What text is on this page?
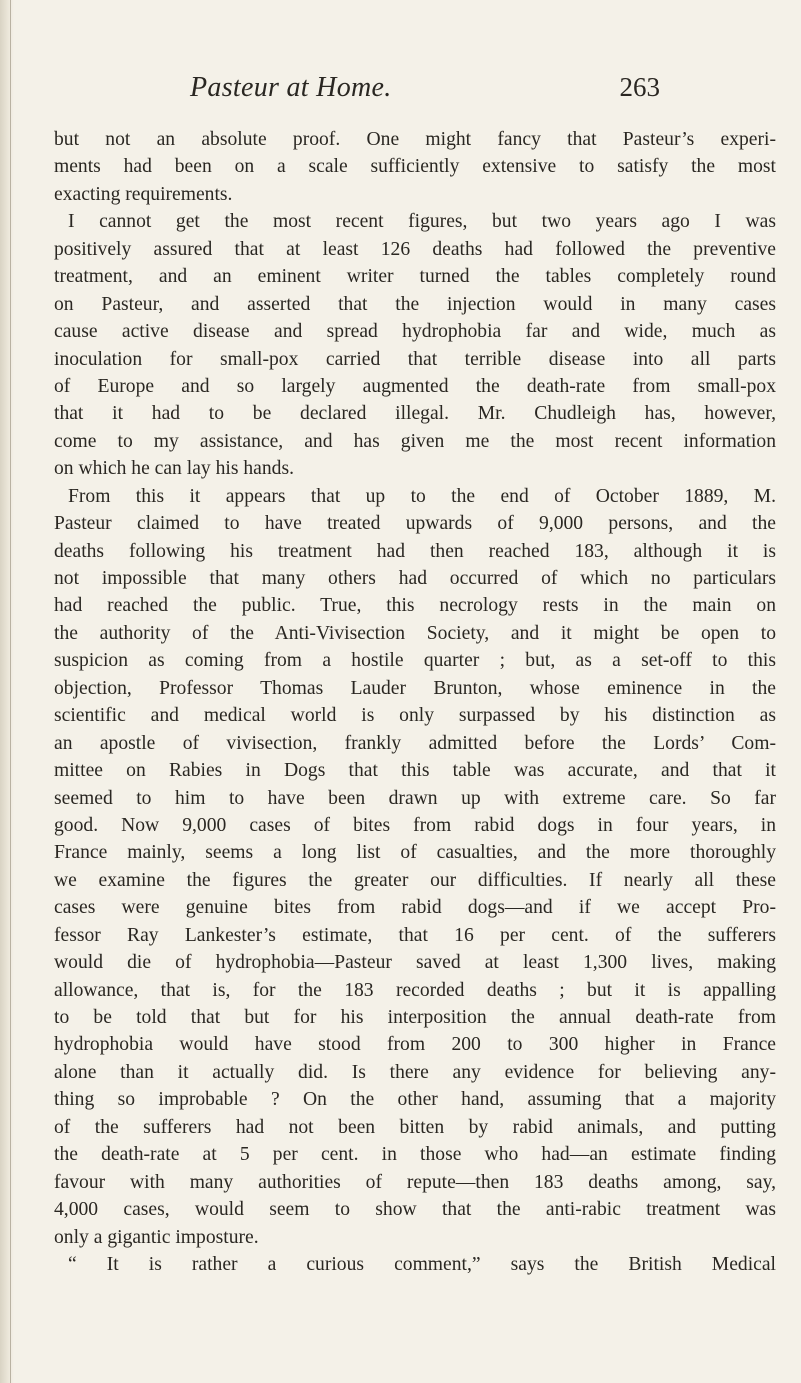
Pasteur at Home.	263
but not an absolute proof. One might fancy that Pasteur’s experi-
ments had been on a scale sufficiently extensive to satisfy the most
exacting requirements.
I cannot get the most recent figures, but two years ago I was
positively assured that at least 126 deaths had followed the preventive
treatment, and an eminent writer turned the tables completely round
on Pasteur, and asserted that the injection would in many cases
cause active disease and spread hydrophobia far and wide, much as
inoculation for small-pox carried that terrible disease into all parts
of Europe and so largely augmented the death-rate from small-pox
that it had to be declared illegal. Mr. Chudleigh has, however,
come to my assistance, and has given me the most recent information
on which he can lay his hands.
From this it appears that up to the end of October 1889, M.
Pasteur claimed to have treated upwards of 9,000 persons, and the
deaths following his treatment had then reached 183, although it is
not impossible that many others had occurred of which no particulars
had reached the public. True, this necrology rests in the main on
the authority of the Anti-Vivisection Society, and it might be open to
suspicion as coming from a hostile quarter ; but, as a set-off to this
objection, Professor Thomas Lauder Brunton, whose eminence in the
scientific and medical world is only surpassed by his distinction as
an apostle of vivisection, frankly admitted before the Lords’ Com-
mittee on Rabies in Dogs that this table was accurate, and that it
seemed to him to have been drawn up with extreme care. So far
good. Now 9,000 cases of bites from rabid dogs in four years, in
France mainly, seems a long list of casualties, and the more thoroughly
we examine the figures the greater our difficulties. If nearly all these
cases were genuine bites from rabid dogs—and if we accept Pro-
fessor Ray Lankester’s estimate, that 16 per cent. of the sufferers
would die of hydrophobia—Pasteur saved at least 1,300 lives, making
allowance, that is, for the 183 recorded deaths ; but it is appalling
to be told that but for his interposition the annual death-rate from
hydrophobia would have stood from 200 to 300 higher in France
alone than it actually did. Is there any evidence for believing any-
thing so improbable ? On the other hand, assuming that a majority
of the sufferers had not been bitten by rabid animals, and putting
the death-rate at 5 per cent. in those who had—an estimate finding
favour with many authorities of repute—then 183 deaths among, say,
4,000 cases, would seem to show that the anti-rabic treatment was
only a gigantic imposture.
“ It is rather a curious comment,” says the British Medical
